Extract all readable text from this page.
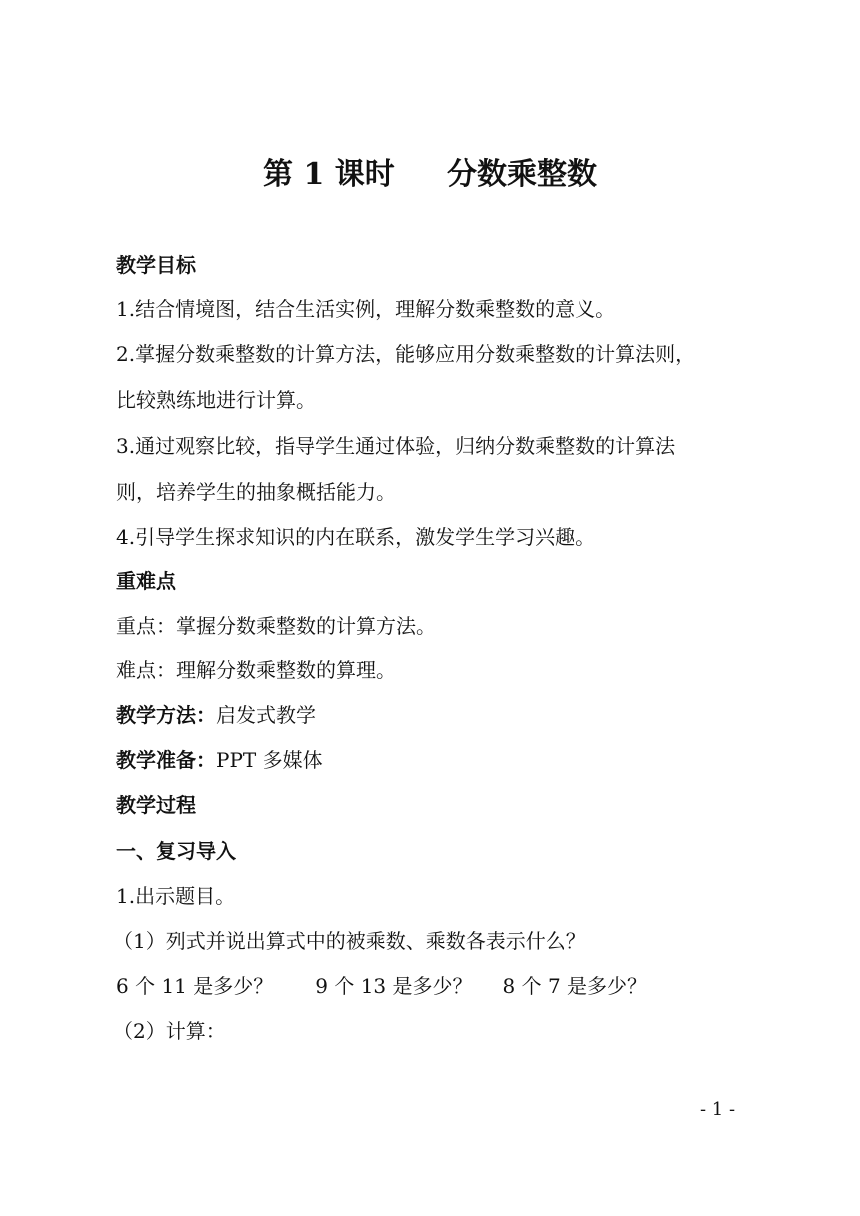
第 1 课时     分数乘整数
教学目标
1.结合情境图，结合生活实例，理解分数乘整数的意义。
2.掌握分数乘整数的计算方法，能够应用分数乘整数的计算法则，
比较熟练地进行计算。
3.通过观察比较，指导学生通过体验，归纳分数乘整数的计算法
则，培养学生的抽象概括能力。
4.引导学生探求知识的内在联系，激发学生学习兴趣。
重难点
重点：掌握分数乘整数的计算方法。
难点：理解分数乘整数的算理。
教学方法：启发式教学
教学准备：PPT 多媒体
教学过程
一、复习导入
1.出示题目。
（1）列式并说出算式中的被乘数、乘数各表示什么？
6 个 11 是多少？ 9 个 13 是多少？ 8 个 7 是多少？
（2）计算：
- 1 -
